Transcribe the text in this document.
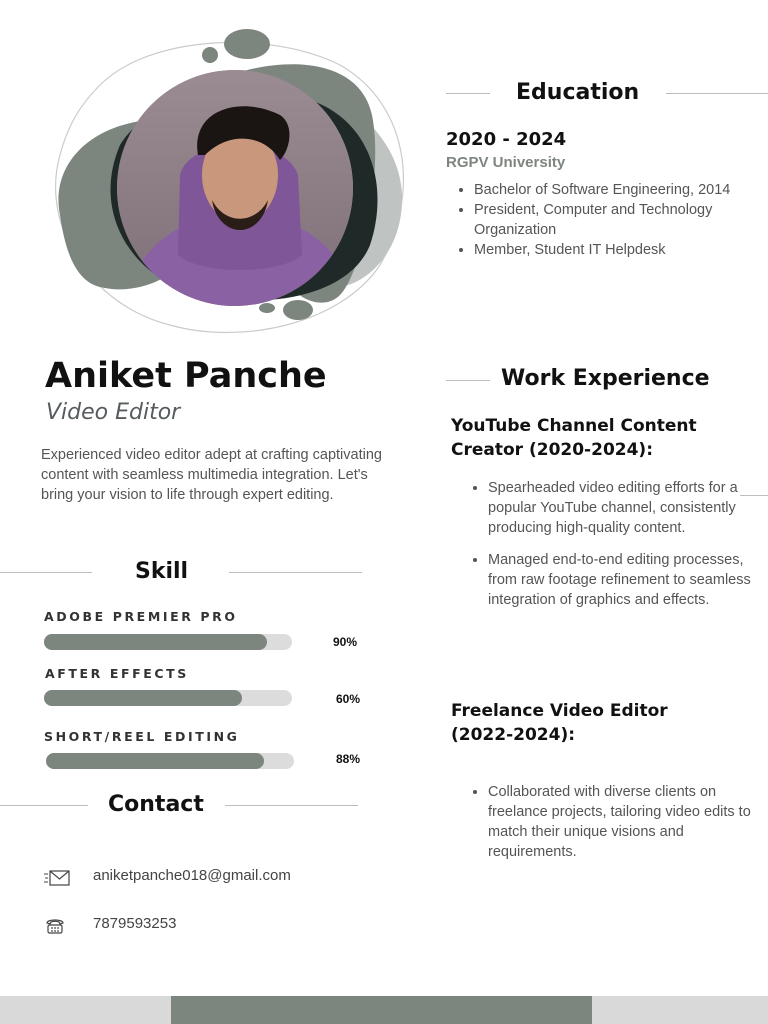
Aniket Panche
Video Editor
Experienced video editor adept at crafting captivating content with seamless multimedia integration. Let's bring your vision to life through expert editing.
Skill
ADOBE PREMIER PRO
90%
AFTER EFFECTS
60%
SHORT/REEL EDITING
88%
Contact
aniketpanche018@gmail.com
7879593253
Education
2020 - 2024
RGPV University
• Bachelor of Software Engineering, 2014
• President, Computer and Technology Organization
• Member, Student IT Helpdesk
Work Experience
YouTube Channel Content Creator (2020-2024):
• Spearheaded video editing efforts for a popular YouTube channel, consistently producing high-quality content.
• Managed end-to-end editing processes, from raw footage refinement to seamless integration of graphics and effects.
Freelance Video Editor (2022-2024):
• Collaborated with diverse clients on freelance projects, tailoring video edits to match their unique visions and requirements.
